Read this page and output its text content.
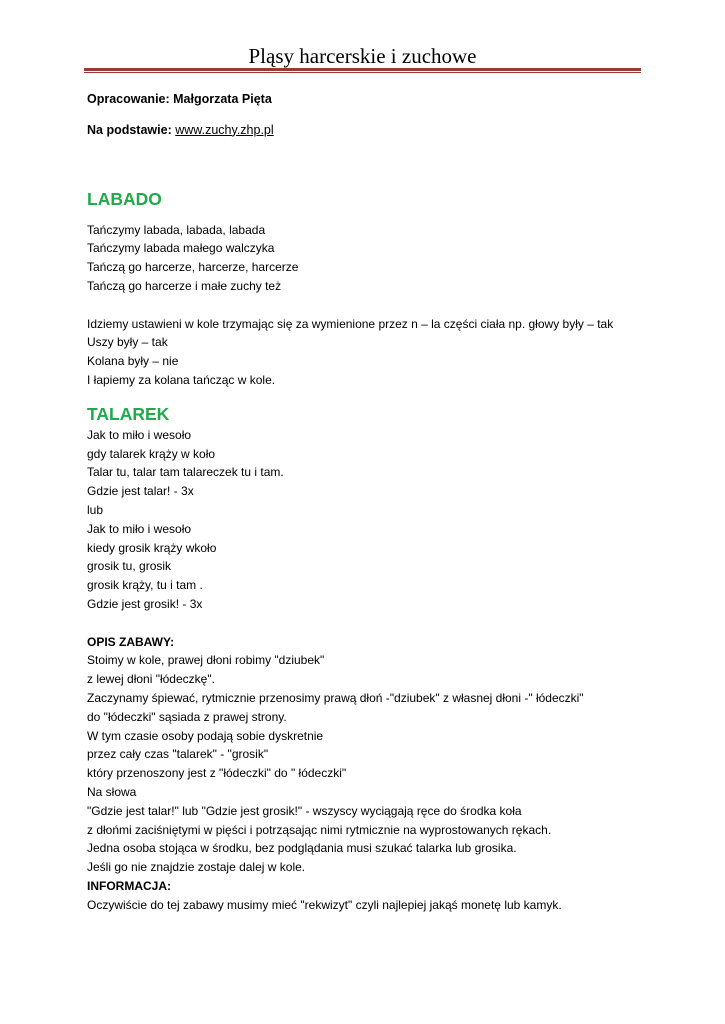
Pląsy harcerskie i zuchowe
Opracowanie: Małgorzata Pięta
Na podstawie: www.zuchy.zhp.pl
LABADO
Tańczymy labada, labada, labada
Tańczymy labada małego walczyka
Tańczą go harcerze, harcerze, harcerze
Tańczą go harcerze i małe zuchy też
Idziemy ustawieni w kole trzymając się za wymienione przez n – la części ciała np. głowy były – tak
Uszy były – tak
Kolana były – nie
I łapiemy za kolana tańcząc w kole.
TALAREK
Jak to miło i wesoło
gdy talarek krąży w koło
Talar tu, talar tam talareczek tu i tam.
Gdzie jest talar! - 3x
lub
Jak to miło i wesoło
kiedy grosik krąży wkoło
grosik tu, grosik
grosik krąży, tu i tam .
Gdzie jest grosik! - 3x
OPIS ZABAWY:
Stoimy w kole, prawej dłoni robimy "dziubek"
z lewej dłoni "łódeczkę".
Zaczynamy śpiewać, rytmicznie przenosimy prawą dłoń -"dziubek" z własnej dłoni -" łódeczki"
do "łódeczki" sąsiada z prawej strony.
W tym czasie osoby podają sobie dyskretnie
przez cały czas "talarek" - "grosik"
który przenoszony jest z "łódeczki" do " łódeczki"
Na słowa
"Gdzie jest talar!" lub "Gdzie jest grosik!" - wszyscy wyciągają ręce do środka koła
z dłońmi zaciśniętymi w pięści i potrząsając nimi rytmicznie na wyprostowanych rękach.
Jedna osoba stojąca w środku, bez podglądania musi szukać talarka lub grosika.
Jeśli go nie znajdzie zostaje dalej w kole.
INFORMACJA:
Oczywiście do tej zabawy musimy mieć "rekwizyt" czyli najlepiej jakąś monetę lub kamyk.
